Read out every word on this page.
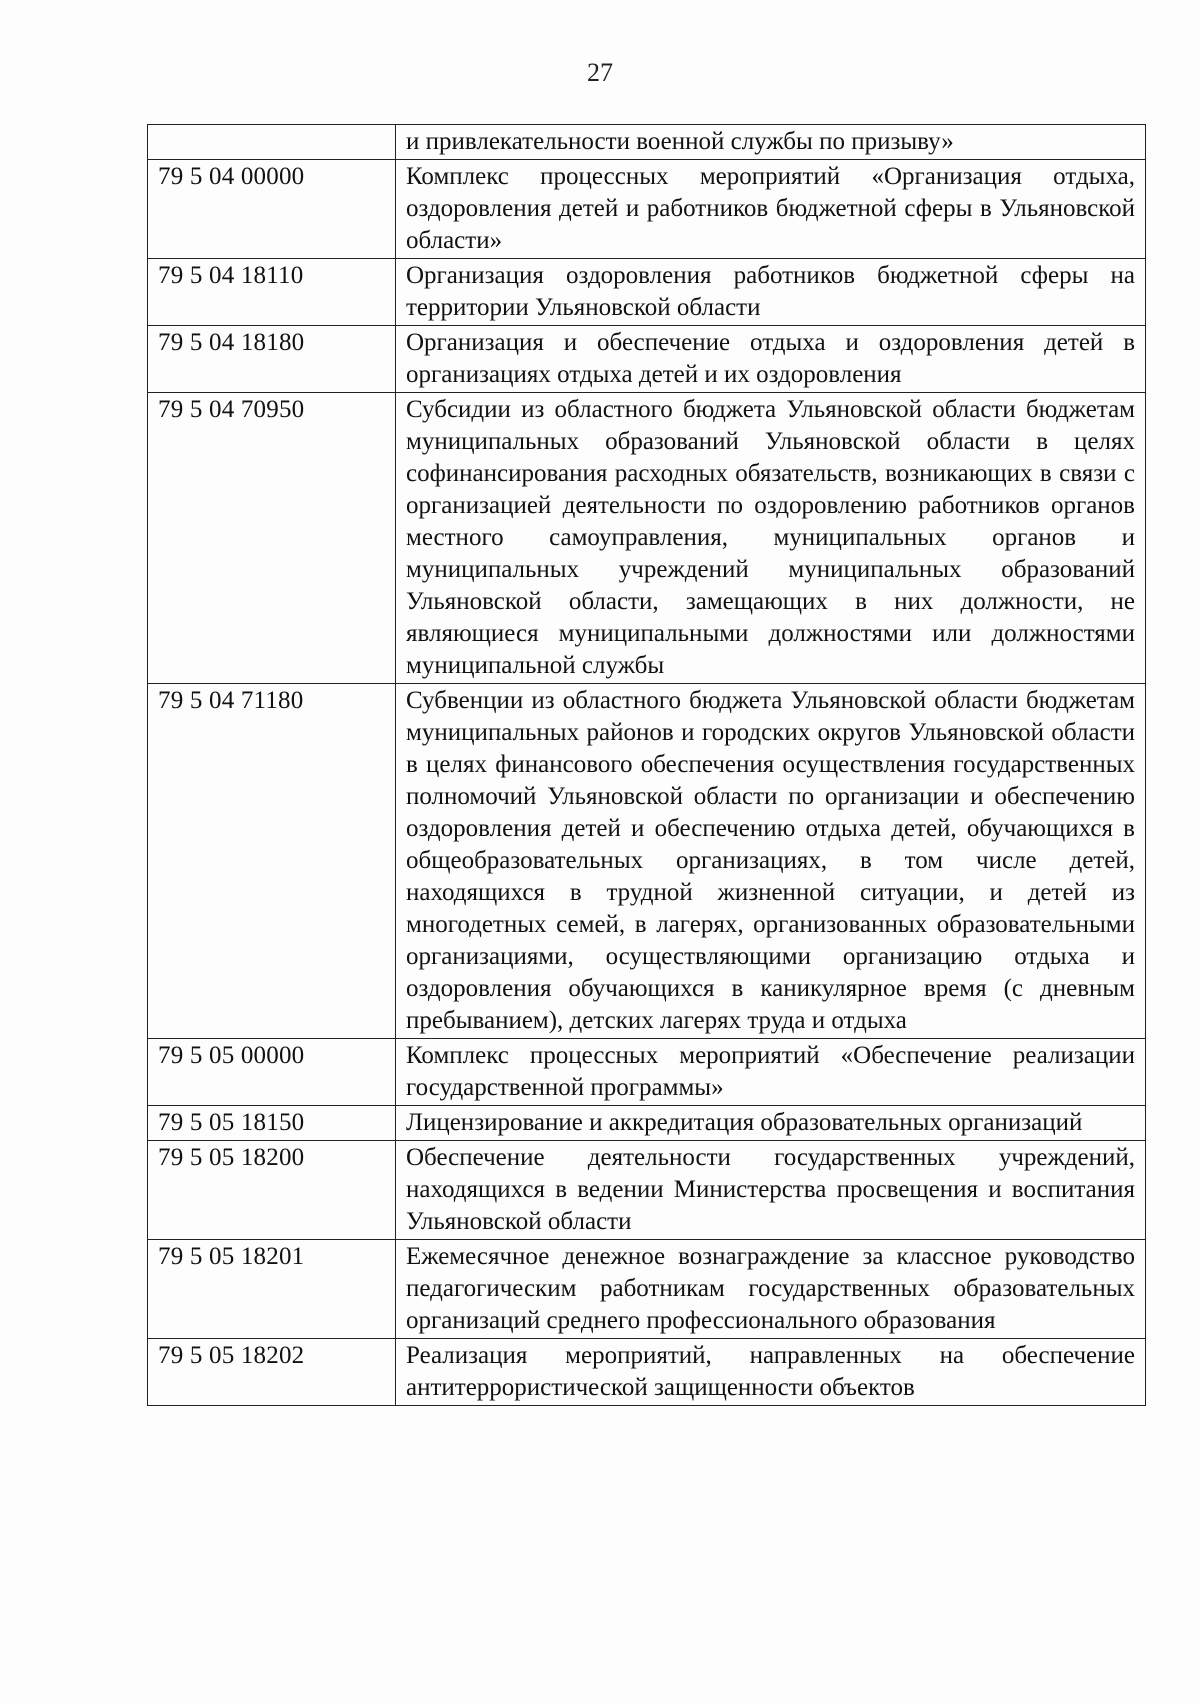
27
	и привлекательности военной службы по призыву»
79 5 04 00000	Комплекс процессных мероприятий «Организация отдыха, оздоровления детей и работников бюджетной сферы в Ульяновской области»
79 5 04 18110	Организация оздоровления работников бюджетной сферы на территории Ульяновской области
79 5 04 18180	Организация и обеспечение отдыха и оздоровления детей в организациях отдыха детей и их оздоровления
79 5 04 70950	Субсидии из областного бюджета Ульяновской области бюджетам муниципальных образований Ульяновской области в целях софинансирования расходных обязательств, возникающих в связи с организацией деятельности по оздоровлению работников органов местного самоуправления, муниципальных органов и муниципальных учреждений муниципальных образований Ульяновской области, замещающих в них должности, не являющиеся муниципальными должностями или должностями муниципальной службы
79 5 04 71180	Субвенции из областного бюджета Ульяновской области бюджетам муниципальных районов и городских округов Ульяновской области в целях финансового обеспечения осуществления государственных полномочий Ульяновской области по организации и обеспечению оздоровления детей и обеспечению отдыха детей, обучающихся в общеобразовательных организациях, в том числе детей, находящихся в трудной жизненной ситуации, и детей из многодетных семей, в лагерях, организованных образовательными организациями, осуществляющими организацию отдыха и оздоровления обучающихся в каникулярное время (с дневным пребыванием), детских лагерях труда и отдыха
79 5 05 00000	Комплекс процессных мероприятий «Обеспечение реализации государственной программы»
79 5 05 18150	Лицензирование и аккредитация образовательных организаций
79 5 05 18200	Обеспечение деятельности государственных учреждений, находящихся в ведении Министерства просвещения и воспитания Ульяновской области
79 5 05 18201	Ежемесячное денежное вознаграждение за классное руководство педагогическим работникам государственных образовательных организаций среднего профессионального образования
79 5 05 18202	Реализация мероприятий, направленных на обеспечение антитеррористической защищенности объектов
